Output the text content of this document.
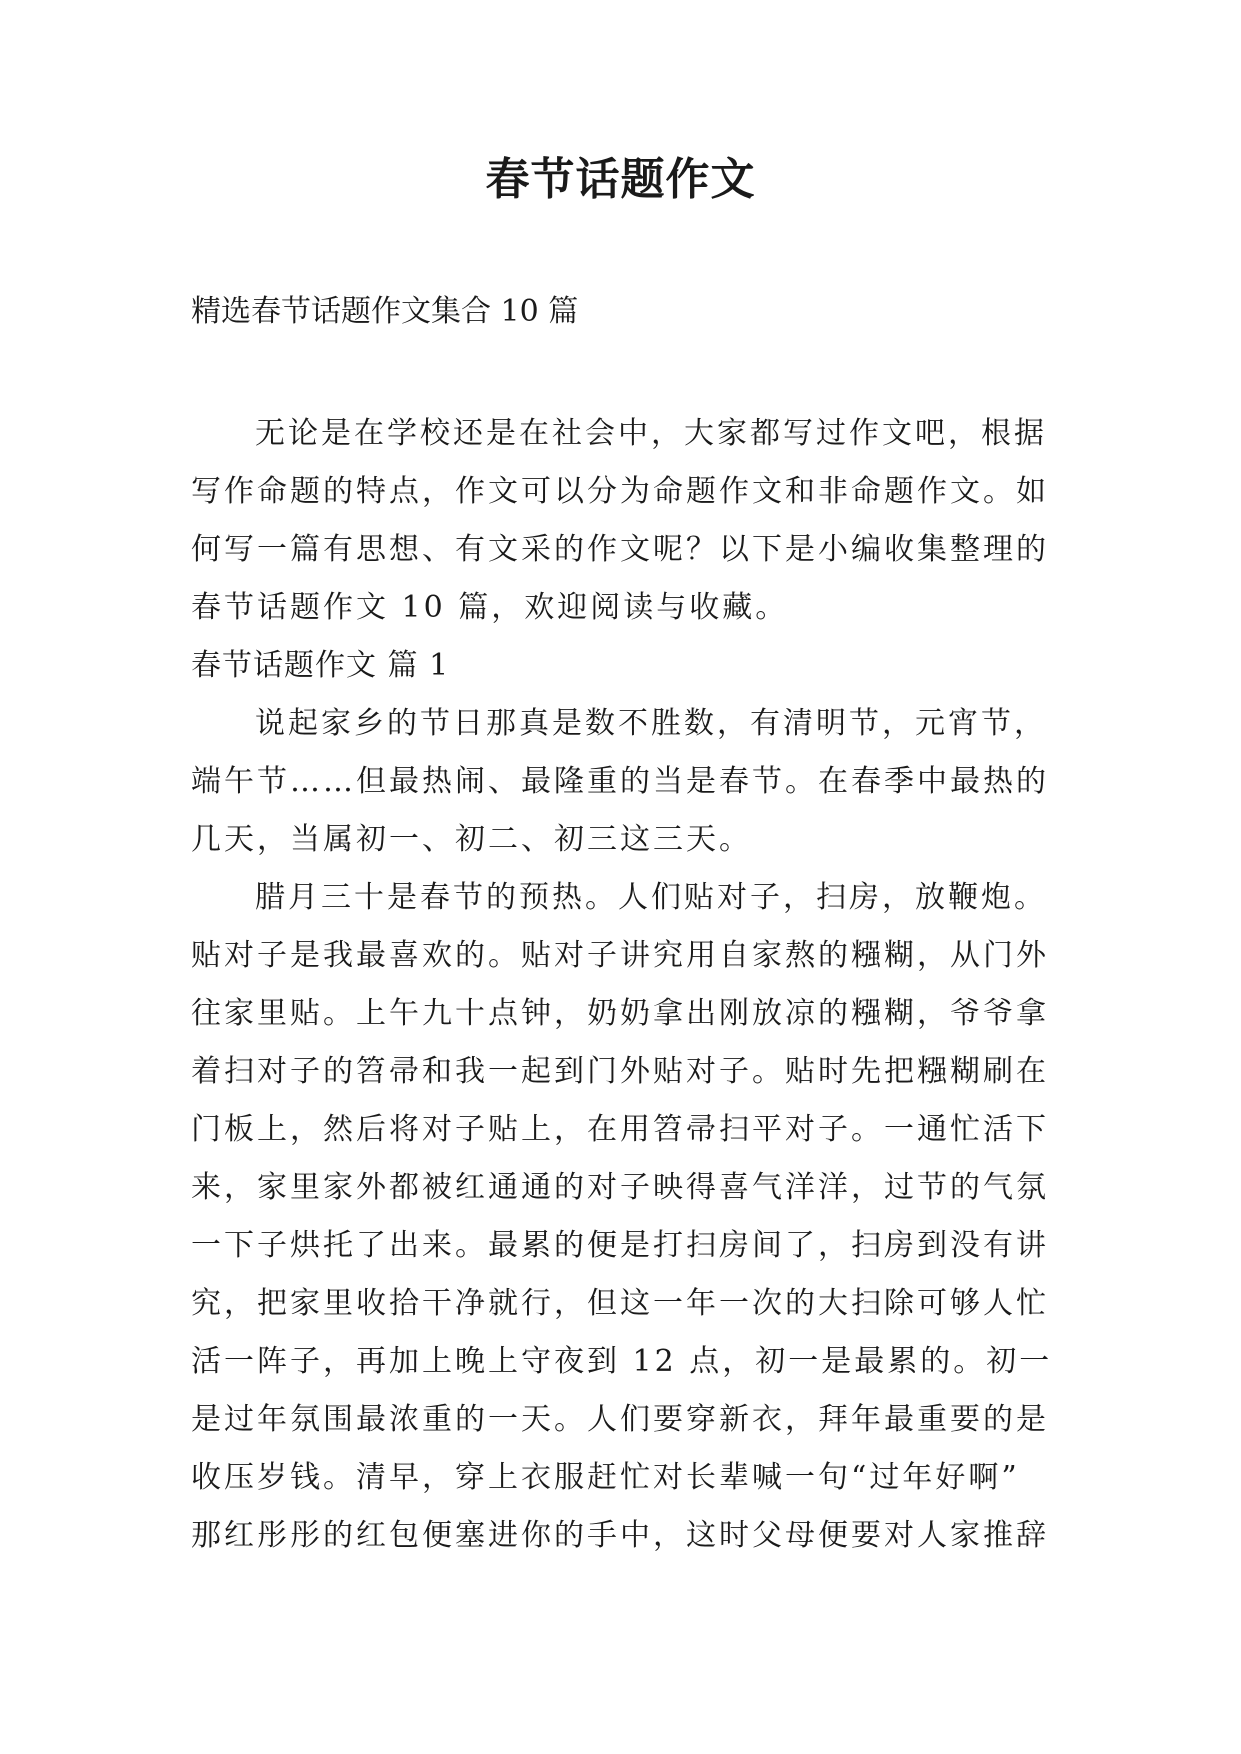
春节话题作文
精选春节话题作文集合 10 篇
无论是在学校还是在社会中，大家都写过作文吧，根据
写作命题的特点，作文可以分为命题作文和非命题作文。如
何写一篇有思想、有文采的作文呢？以下是小编收集整理的
春节话题作文 10 篇，欢迎阅读与收藏。
春节话题作文 篇 1
说起家乡的节日那真是数不胜数，有清明节，元宵节，
端午节……但最热闹、最隆重的当是春节。在春季中最热的
几天，当属初一、初二、初三这三天。
腊月三十是春节的预热。人们贴对子，扫房，放鞭炮。
贴对子是我最喜欢的。贴对子讲究用自家熬的糨糊，从门外
往家里贴。上午九十点钟，奶奶拿出刚放凉的糨糊，爷爷拿
着扫对子的笤帚和我一起到门外贴对子。贴时先把糨糊刷在
门板上，然后将对子贴上，在用笤帚扫平对子。一通忙活下
来，家里家外都被红通通的对子映得喜气洋洋，过节的气氛
一下子烘托了出来。最累的便是打扫房间了，扫房到没有讲
究，把家里收拾干净就行，但这一年一次的大扫除可够人忙
活一阵子，再加上晚上守夜到 12 点，初一是最累的。初一
是过年氛围最浓重的一天。人们要穿新衣，拜年最重要的是
收压岁钱。清早，穿上衣服赶忙对长辈喊一句“过年好啊”
那红彤彤的红包便塞进你的手中，这时父母便要对人家推辞
